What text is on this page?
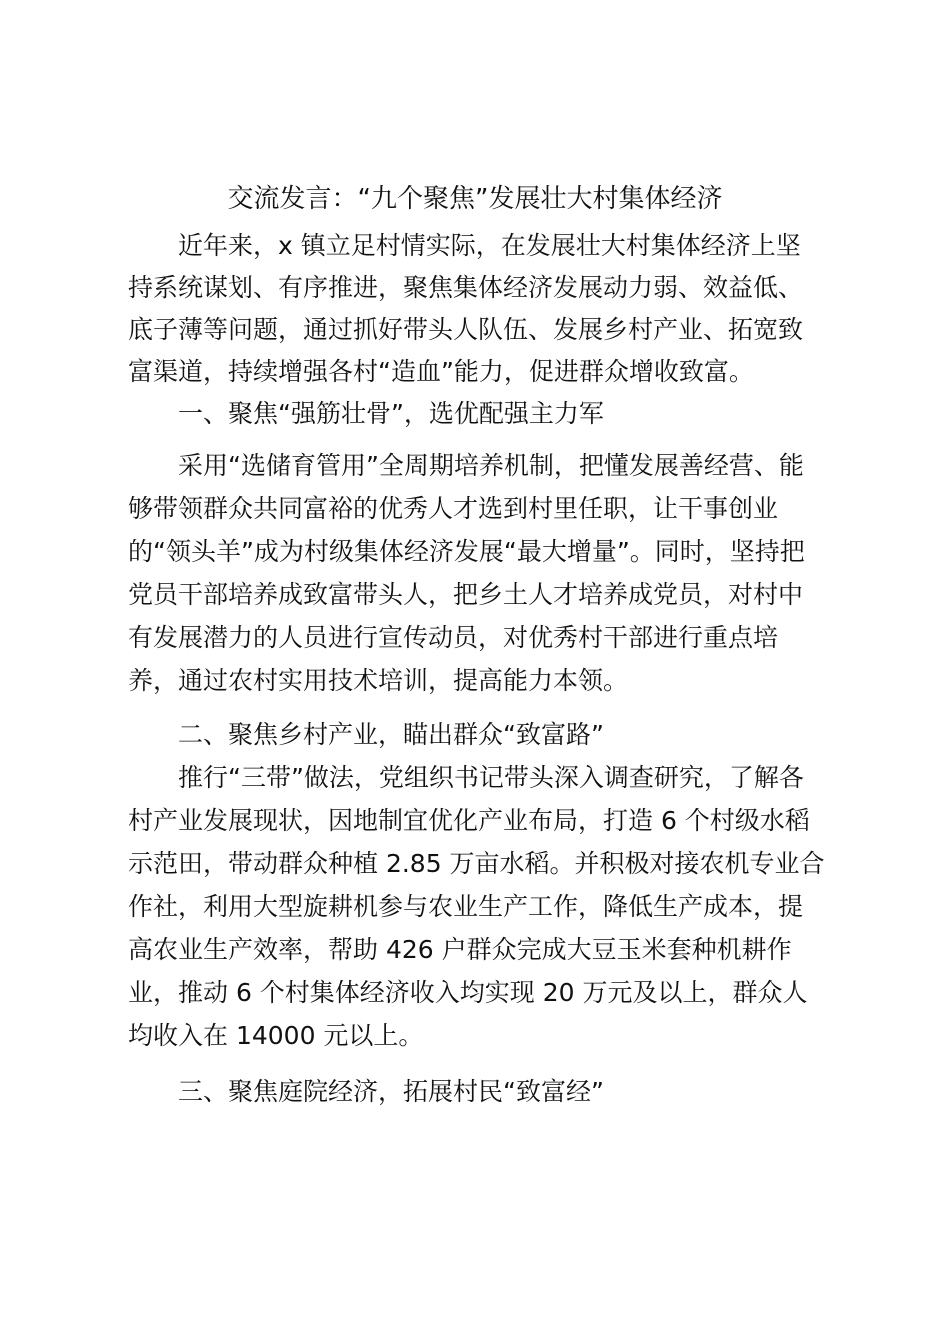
交流发言：“九个聚焦”发展壮大村集体经济
近年来，x 镇立足村情实际，在发展壮大村集体经济上坚
持系统谋划、有序推进，聚焦集体经济发展动力弱、效益低、
底子薄等问题，通过抓好带头人队伍、发展乡村产业、拓宽致
富渠道，持续增强各村“造血”能力，促进群众增收致富。
一、聚焦“强筋壮骨”，选优配强主力军
采用“选储育管用”全周期培养机制，把懂发展善经营、能
够带领群众共同富裕的优秀人才选到村里任职，让干事创业
的“领头羊”成为村级集体经济发展“最大增量”。同时，坚持把
党员干部培养成致富带头人，把乡土人才培养成党员，对村中
有发展潜力的人员进行宣传动员，对优秀村干部进行重点培
养，通过农村实用技术培训，提高能力本领。
二、聚焦乡村产业，瞄出群众“致富路”
推行“三带”做法，党组织书记带头深入调查研究，了解各
村产业发展现状，因地制宜优化产业布局，打造 6 个村级水稻
示范田，带动群众种植 2.85 万亩水稻。并积极对接农机专业合
作社，利用大型旋耕机参与农业生产工作，降低生产成本，提
高农业生产效率，帮助 426 户群众完成大豆玉米套种机耕作
业，推动 6 个村集体经济收入均实现 20 万元及以上，群众人
均收入在 14000 元以上。
三、聚焦庭院经济，拓展村民“致富经”
